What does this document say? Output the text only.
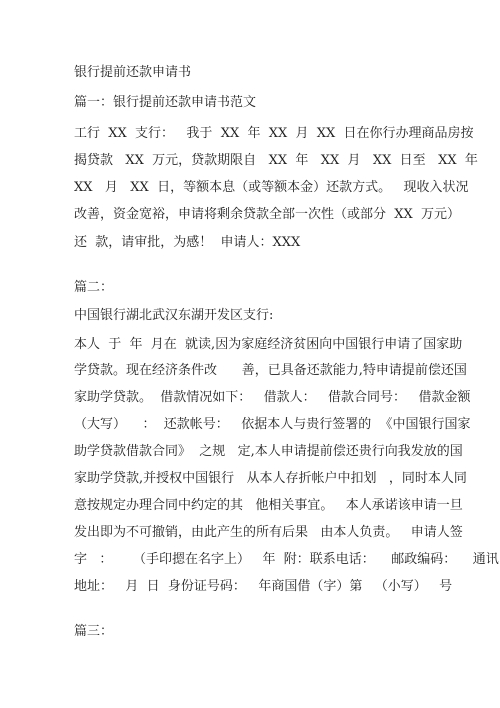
银行提前还款申请书
篇一：银行提前还款申请书范文
工行  XX  支行：   我于  XX  年  XX  月  XX  日在你行办理商品房按
揭贷款   XX  万元，贷款期限自   XX  年   XX  月   XX  日至   XX  年
XX   月   XX  日，等额本息（或等额本金）还款方式。   现收入状况
改善，资金宽裕，申请将剩余贷款全部一次性（或部分  XX  万元）
还  款，请审批，为感！  申请人：XXX
篇二：
中国银行湖北武汉东湖开发区支行:
本人  于  年  月在  就读,因为家庭经济贫困向中国银行申请了国家助
学贷款。现在经济条件改      善，已具备还款能力,特申请提前偿还国
家助学贷款。  借款情况如下：   借款人：   借款合同号：   借款金额
（大写）    ：  还款帐号：   依据本人与贵行签署的  《中国银行国家
助学贷款借款合同》  之规   定,本人申请提前偿还贵行向我发放的国
家助学贷款,并授权中国银行   从本人存折帐户中扣划   ，同时本人同
意按规定办理合同中约定的其   他相关事宜。   本人承诺该申请一旦
发出即为不可撤销，由此产生的所有后果   由本人负责。   申请人签
字   ：     （手印摁在名字上）   年  附：联系电话：    邮政编码：    通讯
地址：   月  日  身份证号码：   年商国借（字）第   （小写）   号
篇三：
